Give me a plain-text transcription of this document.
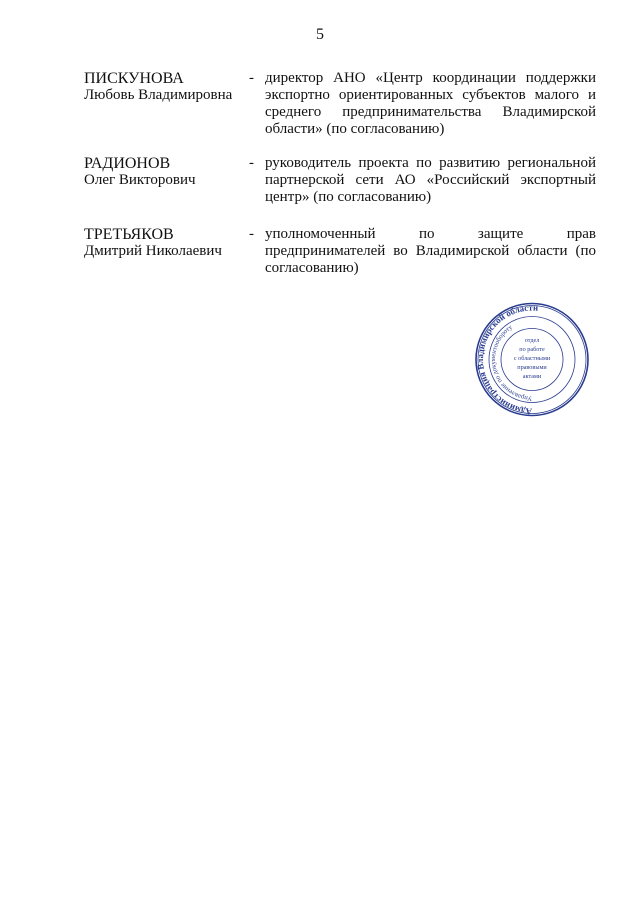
5
ПИСКУНОВА
Любовь Владимировна
- директор АНО «Центр координации поддержки экспортно ориентированных субъектов малого и среднего предпринимательства Владимирской области» (по согласованию)

РАДИОНОВ
Олег Викторович
- руководитель проекта по развитию региональной партнерской сети АО «Российский экспортный центр» (по согласованию)

ТРЕТЬЯКОВ
Дмитрий Николаевич
- уполномоченный по защите прав предпринимателей во Владимирской области (по согласованию)

Администрация Владимирской области
Управление по документообороту
отдел
по работе
с областными
правовыми
актами
